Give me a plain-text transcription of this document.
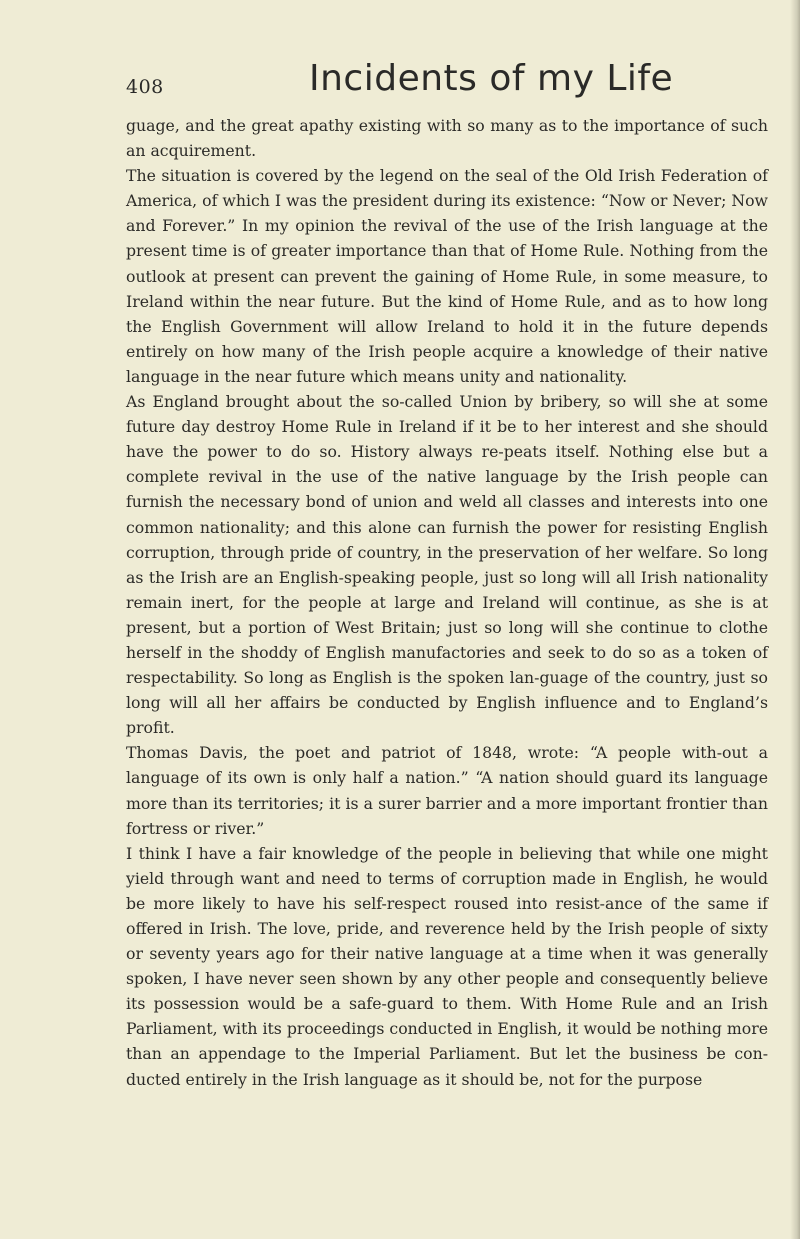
408	Incidents of my Life

guage, and the great apathy existing with so many as to the importance of such an acquirement.

The situation is covered by the legend on the seal of the Old Irish Federation of America, of which I was the president during its existence: “Now or Never; Now and Forever.” In my opinion the revival of the use of the Irish language at the present time is of greater importance than that of Home Rule. Nothing from the outlook at present can prevent the gaining of Home Rule, in some measure, to Ireland within the near future. But the kind of Home Rule, and as to how long the English Government will allow Ireland to hold it in the future depends entirely on how many of the Irish people acquire a knowledge of their native language in the near future which means unity and nationality.

As England brought about the so-called Union by bribery, so will she at some future day destroy Home Rule in Ireland if it be to her interest and she should have the power to do so. History always re-peats itself. Nothing else but a complete revival in the use of the native language by the Irish people can furnish the necessary bond of union and weld all classes and interests into one common nationality; and this alone can furnish the power for resisting English corruption, through pride of country, in the preservation of her welfare. So long as the Irish are an English-speaking people, just so long will all Irish nationality remain inert, for the people at large and Ireland will continue, as she is at present, but a portion of West Britain; just so long will she continue to clothe herself in the shoddy of English manufactories and seek to do so as a token of respectability. So long as English is the spoken lan-guage of the country, just so long will all her affairs be conducted by English influence and to England’s profit.

Thomas Davis, the poet and patriot of 1848, wrote: “A people with-out a language of its own is only half a nation.” “A nation should guard its language more than its territories; it is a surer barrier and a more important frontier than fortress or river.”

I think I have a fair knowledge of the people in believing that while one might yield through want and need to terms of corruption made in English, he would be more likely to have his self-respect roused into resist-ance of the same if offered in Irish. The love, pride, and reverence held by the Irish people of sixty or seventy years ago for their native language at a time when it was generally spoken, I have never seen shown by any other people and consequently believe its possession would be a safe-guard to them. With Home Rule and an Irish Parliament, with its proceedings conducted in English, it would be nothing more than an appendage to the Imperial Parliament. But let the business be con-ducted entirely in the Irish language as it should be, not for the purpose
